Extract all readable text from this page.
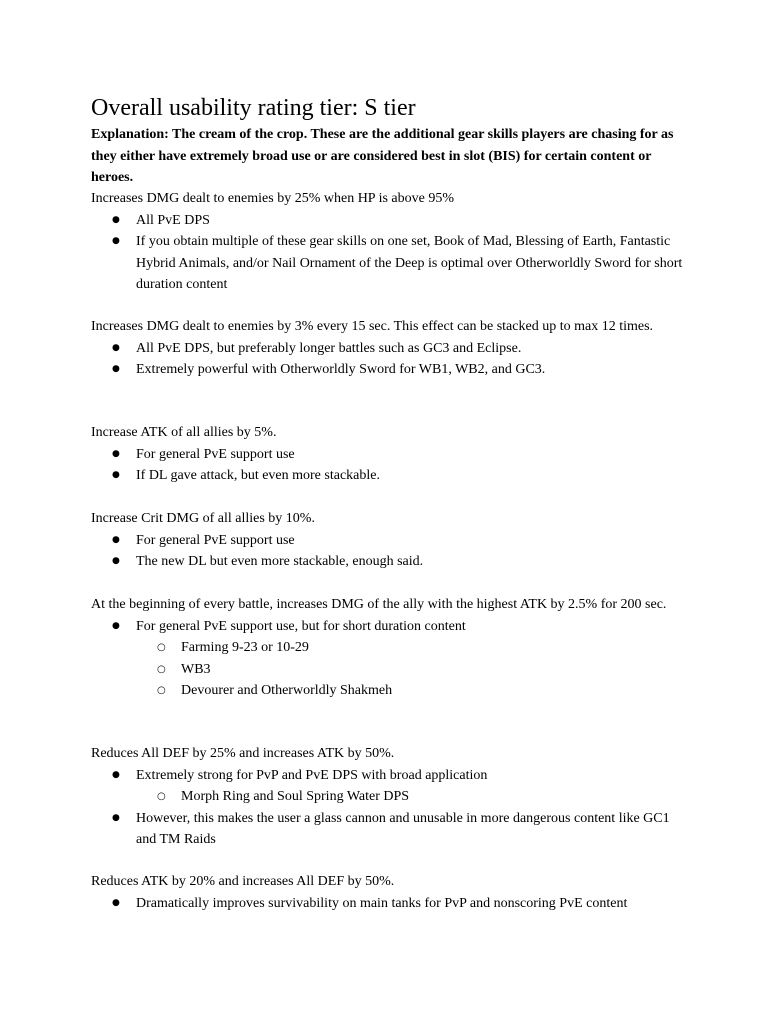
Overall usability rating tier: S tier

Explanation: The cream of the crop. These are the additional gear skills players are chasing for as they either have extremely broad use or are considered best in slot (BIS) for certain content or heroes.

Increases DMG dealt to enemies by 25% when HP is above 95%

● All PvE DPS

● If you obtain multiple of these gear skills on one set, Book of Mad, Blessing of Earth, Fantastic Hybrid Animals, and/or Nail Ornament of the Deep is optimal over Otherworldly Sword for short duration content

Increases DMG dealt to enemies by 3% every 15 sec. This effect can be stacked up to max 12 times.

● All PvE DPS, but preferably longer battles such as GC3 and Eclipse.

● Extremely powerful with Otherworldly Sword for WB1, WB2, and GC3.

Increase ATK of all allies by 5%.

● For general PvE support use

● If DL gave attack, but even more stackable.

Increase Crit DMG of all allies by 10%.

● For general PvE support use

● The new DL but even more stackable, enough said.

At the beginning of every battle, increases DMG of the ally with the highest ATK by 2.5% for 200 sec.

● For general PvE support use, but for short duration content

○ Farming 9-23 or 10-29

○ WB3

○ Devourer and Otherworldly Shakmeh

Reduces All DEF by 25% and increases ATK by 50%.

● Extremely strong for PvP and PvE DPS with broad application

○ Morph Ring and Soul Spring Water DPS

● However, this makes the user a glass cannon and unusable in more dangerous content like GC1 and TM Raids

Reduces ATK by 20% and increases All DEF by 50%.

● Dramatically improves survivability on main tanks for PvP and nonscoring PvE content
